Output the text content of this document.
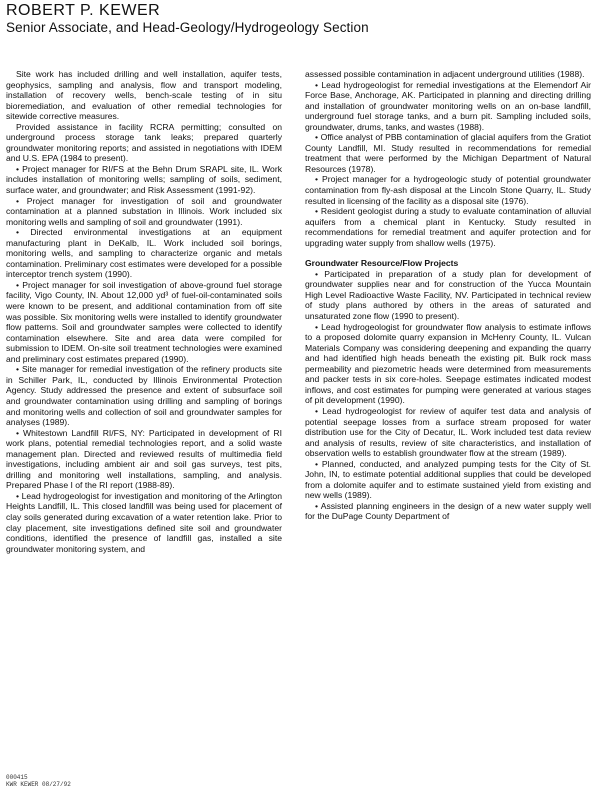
ROBERT P. KEWER

Senior Associate, and Head-Geology/Hydrogeology Section

Site work has included drilling and well installation, aquifer tests, geophysics, sampling and analysis, flow and transport modeling, installation of recovery wells, bench-scale testing of in situ bioremediation, and evaluation of other remedial technologies for sitewide corrective measures.

Provided assistance in facility RCRA permitting; consulted on underground process storage tank leaks; prepared quarterly groundwater monitoring reports; and assisted in negotiations with IDEM and U.S. EPA (1984 to present).

• Project manager for RI/FS at the Behn Drum SRAPL site, IL. Work includes installation of monitoring wells; sampling of soils, sediment, surface water, and groundwater; and Risk Assessment (1991-92).

• Project manager for investigation of soil and groundwater contamination at a planned substation in Illinois. Work included six monitoring wells and sampling of soil and groundwater (1991).

• Directed environmental investigations at an equipment manufacturing plant in DeKalb, IL. Work included soil borings, monitoring wells, and sampling to characterize organic and metals contamination. Preliminary cost estimates were developed for a possible interceptor trench system (1990).

• Project manager for soil investigation of above-ground fuel storage facility, Vigo County, IN. About 12,000 yd³ of fuel-oil-contaminated soils were known to be present, and additional contamination from off site was possible. Six monitoring wells were installed to identify groundwater flow patterns. Soil and groundwater samples were collected to identify contamination elsewhere. Site and area data were compiled for submission to IDEM. On-site soil treatment technologies were examined and preliminary cost estimates prepared (1990).

• Site manager for remedial investigation of the refinery products site in Schiller Park, IL, conducted by Illinois Environmental Protection Agency. Study addressed the presence and extent of subsurface soil and groundwater contamination using drilling and sampling of borings and monitoring wells and collection of soil and groundwater samples for analyses (1989).

• Whitestown Landfill RI/FS, NY: Participated in development of RI work plans, potential remedial technologies report, and a solid waste management plan. Directed and reviewed results of multimedia field investigations, including ambient air and soil gas surveys, test pits, drilling and monitoring well installations, sampling, and analysis. Prepared Phase I of the RI report (1988-89).

• Lead hydrogeologist for investigation and monitoring of the Arlington Heights Landfill, IL. This closed landfill was being used for placement of clay soils generated during excavation of a water retention lake. Prior to clay placement, site investigations defined site soil and groundwater conditions, identified the presence of landfill gas, installed a site groundwater monitoring system, and

assessed possible contamination in adjacent underground utilities (1988).

• Lead hydrogeologist for remedial investigations at the Elemendorf Air Force Base, Anchorage, AK. Participated in planning and directing drilling and installation of groundwater monitoring wells on an on-base landfill, underground fuel storage tanks, and a burn pit. Sampling included soils, groundwater, drums, tanks, and wastes (1988).

• Office analyst of PBB contamination of glacial aquifers from the Gratiot County Landfill, MI. Study resulted in recommendations for remedial treatment that were performed by the Michigan Department of Natural Resources (1978).

• Project manager for a hydrogeologic study of potential groundwater contamination from fly-ash disposal at the Lincoln Stone Quarry, IL. Study resulted in licensing of the facility as a disposal site (1976).

• Resident geologist during a study to evaluate contamination of alluvial aquifers from a chemical plant in Kentucky. Study resulted in recommendations for remedial treatment and aquifer protection and for upgrading water supply from shallow wells (1975).

Groundwater Resource/Flow Projects

• Participated in preparation of a study plan for development of groundwater supplies near and for construction of the Yucca Mountain High Level Radioactive Waste Facility, NV. Participated in technical review of study plans authored by others in the areas of saturated and unsaturated zone flow (1990 to present).

• Lead hydrogeologist for groundwater flow analysis to estimate inflows to a proposed dolomite quarry expansion in McHenry County, IL. Vulcan Materials Company was considering deepening and expanding the quarry and had identified high heads beneath the existing pit. Bulk rock mass permeability and piezometric heads were determined from measurements and packer tests in six core-holes. Seepage estimates indicated modest inflows, and cost estimates for pumping were generated at various stages of pit development (1990).

• Lead hydrogeologist for review of aquifer test data and analysis of potential seepage losses from a surface stream proposed for water distribution use for the City of Decatur, IL. Work included test data review and analysis of results, review of site characteristics, and installation of observation wells to establish groundwater flow at the stream (1989).

• Planned, conducted, and analyzed pumping tests for the City of St. John, IN, to estimate potential additional supplies that could be developed from a dolomite aquifer and to estimate sustained yield from existing and new wells (1989).

• Assisted planning engineers in the design of a new water supply well for the DuPage County Department of

000415
KWR KEWER 08/27/92
